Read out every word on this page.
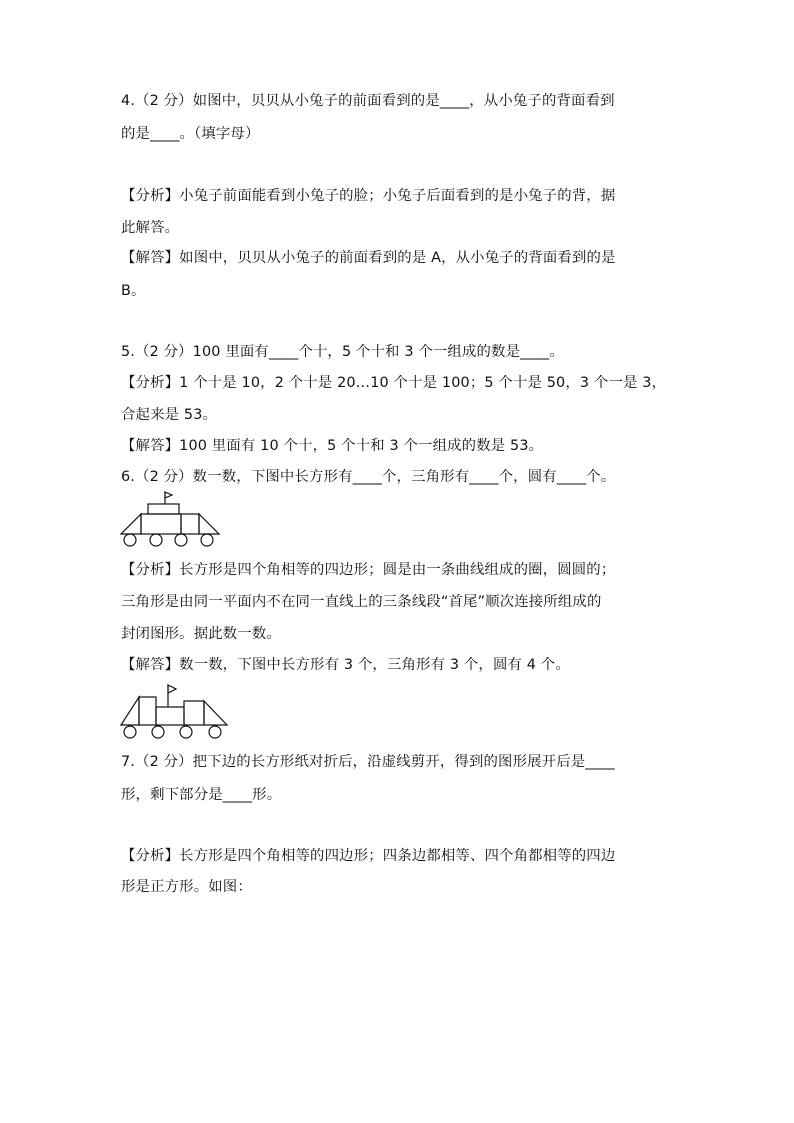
4.（2 分）如图中，贝贝从小兔子的前面看到的是____，从小兔子的背面看到

的是____。（填字母）

【分析】小兔子前面能看到小兔子的脸；小兔子后面看到的是小兔子的背，据

此解答。

【解答】如图中，贝贝从小兔子的前面看到的是 A，从小兔子的背面看到的是

B。

5.（2 分）100 里面有____个十，5 个十和 3 个一组成的数是____。

【分析】1 个十是 10，2 个十是 20…10 个十是 100；5 个十是 50，3 个一是 3，

合起来是 53。

【解答】100 里面有 10 个十，5 个十和 3 个一组成的数是 53。

6.（2 分）数一数，下图中长方形有____个，三角形有____个，圆有____个。

【分析】长方形是四个角相等的四边形；圆是由一条曲线组成的圈，圆圆的；

三角形是由同一平面内不在同一直线上的三条线段“首尾”顺次连接所组成的

封闭图形。据此数一数。

【解答】数一数，下图中长方形有 3 个，三角形有 3 个，圆有 4 个。

7.（2 分）把下边的长方形纸对折后，沿虚线剪开，得到的图形展开后是____

形，剩下部分是____形。

【分析】长方形是四个角相等的四边形；四条边都相等、四个角都相等的四边

形是正方形。如图：
